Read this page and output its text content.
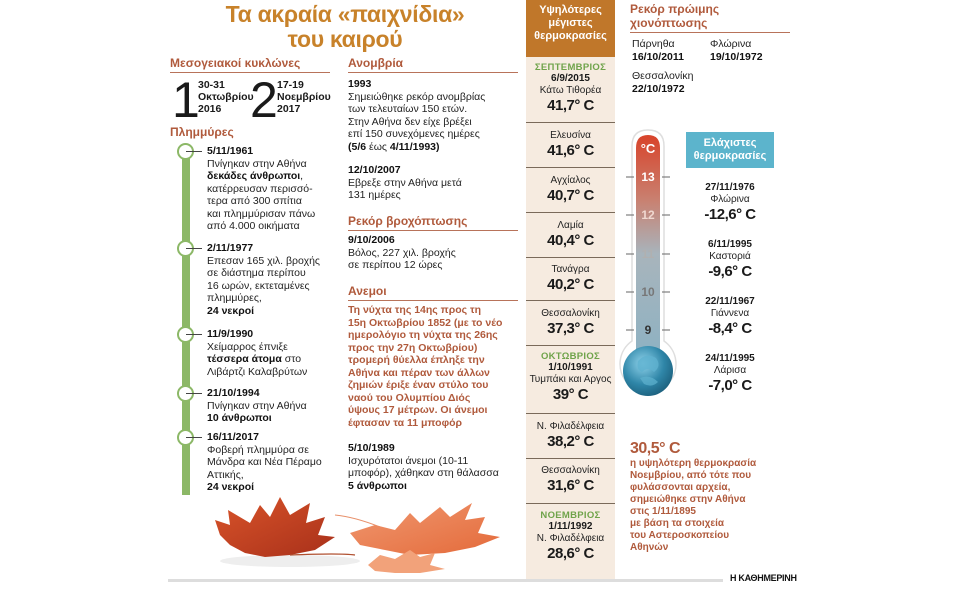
Τα ακραία «παιχνίδια»
του καιρού
Μεσογειακοί κυκλώνες
1 30-31
Οκτωβρίου
2016 2 17-19
Νοεμβρίου
2017
Πλημμύρες
5/11/1961
Πνίγηκαν στην Αθήνα
δεκάδες άνθρωποι,
κατέρρευσαν περισσό-
τερα από 300 σπίτια
και πλημμύρισαν πάνω
από 4.000 οικήματα
2/11/1977
Επεσαν 165 χιλ. βροχής
σε διάστημα περίπου
16 ωρών, εκτεταμένες
πλημμύρες,
24 νεκροί
11/9/1990
Χείμαρρος έπνιξε
τέσσερα άτομα στο
Λιβάρτζι Καλαβρύτων
21/10/1994
Πνίγηκαν στην Αθήνα
10 άνθρωποι
16/11/2017
Φοβερή πλημμύρα σε
Μάνδρα και Νέα Πέραμο
Αττικής,
24 νεκροί
Ανομβρία
1993
Σημειώθηκε ρεκόρ ανομβρίας
των τελευταίων 150 ετών.
Στην Αθήνα δεν είχε βρέξει
επί 150 συνεχόμενες ημέρες
(5/6 έως 4/11/1993)
12/10/2007
Εβρεξε στην Αθήνα μετά
131 ημέρες
Ρεκόρ βροχόπτωσης
9/10/2006
Βόλος, 227 χιλ. βροχής
σε περίπου 12 ώρες
Ανεμοι
Τη νύχτα της 14ης προς τη
15η Οκτωβρίου 1852 (με το νέο
ημερολόγιο τη νύχτα της 26ης
προς την 27η Οκτωβρίου)
τρομερή θύελλα έπληξε την
Αθήνα και πέραν των άλλων
ζημιών έριξε έναν στύλο του
ναού του Ολυμπίου Διός
ύψους 17 μέτρων. Οι άνεμοι
έφτασαν τα 11 μποφόρ
5/10/1989
Ισχυρότατοι άνεμοι (10-11
μποφόρ), χάθηκαν στη θάλασσα
5 άνθρωποι
Υψηλότερες
μέγιστες
θερμοκρασίες
ΣΕΠΤΕΜΒΡΙΟΣ
6/9/2015
Κάτω Τιθορέα
41,7° C
Ελευσίνα
41,6° C
Αγχίαλος
40,7° C
Λαμία
40,4° C
Τανάγρα
40,2° C
Θεσσαλονίκη
37,3° C
ΟΚΤΩΒΡΙΟΣ
1/10/1991
Τυμπάκι και Αργος
39° C
Ν. Φιλαδέλφεια
38,2° C
Θεσσαλονίκη
31,6° C
ΝΟΕΜΒΡΙΟΣ
1/11/1992
Ν. Φιλαδέλφεια
28,6° C
Ρεκόρ πρώιμης
χιονόπτωσης
Πάρνηθα
16/10/2011
Φλώρινα
19/10/1972
Θεσσαλονίκη
22/10/1972
°C
13
12
11
10
9
Ελάχιστες
θερμοκρασίες
27/11/1976
Φλώρινα
-12,6° C
6/11/1995
Καστοριά
-9,6° C
22/11/1967
Γιάννενα
-8,4° C
24/11/1995
Λάρισα
-7,0° C
30,5° C
η υψηλότερη θερμοκρασία
Νοεμβρίου, από τότε που
φυλάσσονται αρχεία,
σημειώθηκε στην Αθήνα
στις 1/11/1895
με βάση τα στοιχεία
του Αστεροσκοπείου
Αθηνών
Η ΚΑΘΗΜΕΡΙΝΗ
